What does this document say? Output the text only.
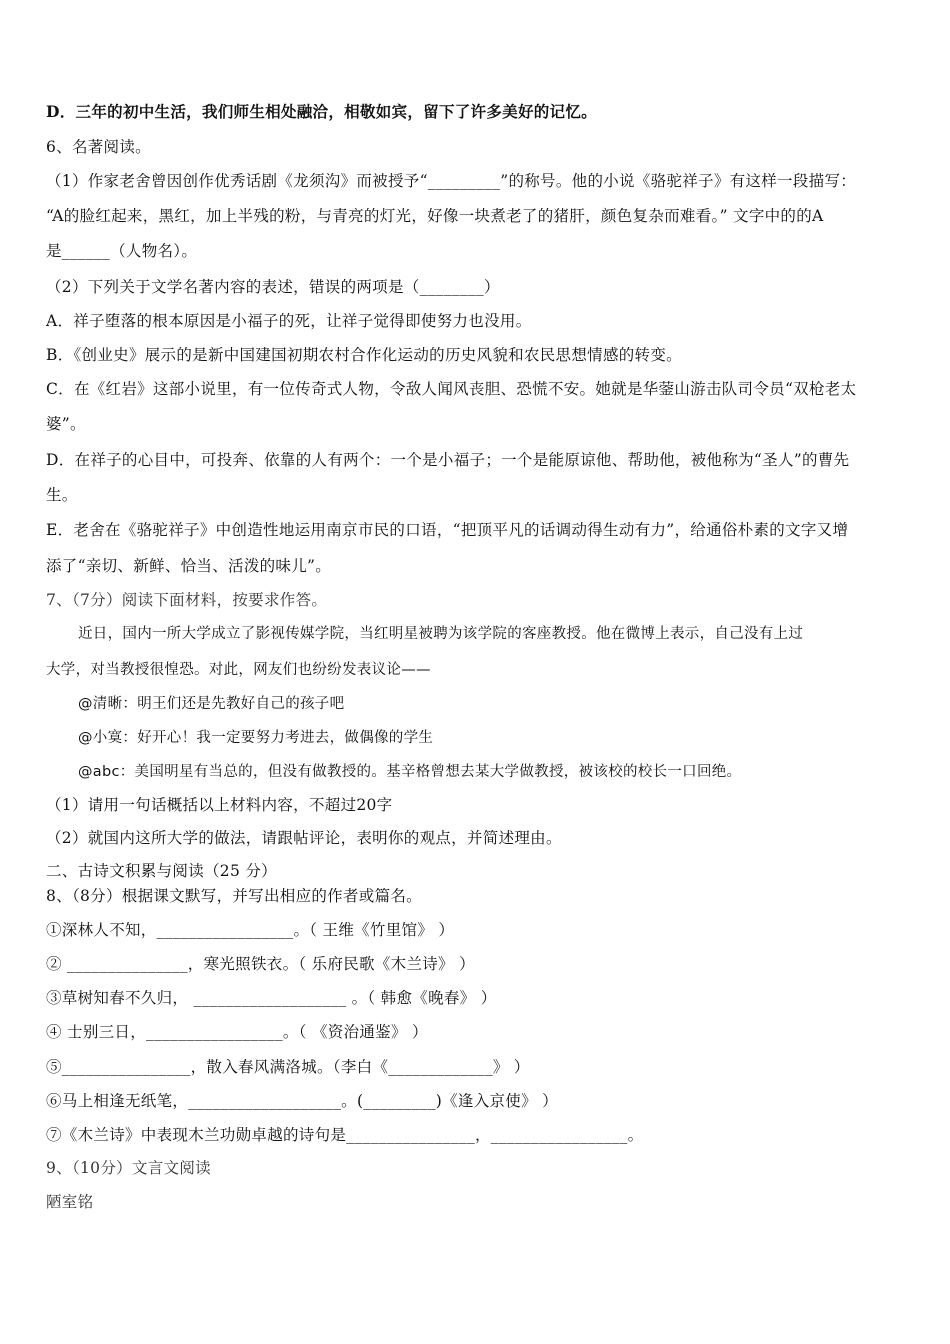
D．三年的初中生活，我们师生相处融洽，相敬如宾，留下了许多美好的记忆。
6、名著阅读。
（1）作家老舍曾因创作优秀话剧《龙须沟》而被授予“_________”的称号。他的小说《骆驼祥子》有这样一段描写：
“A的脸红起来，黑红，加上半残的粉，与青亮的灯光，好像一块煮老了的猪肝，颜色复杂而难看。” 文字中的的A
是______（人物名）。
（2）下列关于文学名著内容的表述，错误的两项是（________）
A．祥子堕落的根本原因是小福子的死，让祥子觉得即使努力也没用。
B．《创业史》展示的是新中国建国初期农村合作化运动的历史风貌和农民思想情感的转变。
C．在《红岩》这部小说里，有一位传奇式人物，令敌人闻风丧胆、恐慌不安。她就是华蓥山游击队司令员“双枪老太
婆”。
D．在祥子的心目中，可投奔、依靠的人有两个：一个是小福子；一个是能原谅他、帮助他，被他称为“圣人”的曹先
生。
E．老舍在《骆驼祥子》中创造性地运用南京市民的口语，“把顶平凡的话调动得生动有力”，给通俗朴素的文字又增
添了“亲切、新鲜、恰当、活泼的味儿”。
7、（7分）阅读下面材料，按要求作答。
近日，国内一所大学成立了影视传媒学院，当红明星被聘为该学院的客座教授。他在微博上表示，自己没有上过
大学，对当教授很惶恐。对此，网友们也纷纷发表议论——
@清晰：明王们还是先教好自己的孩子吧
@小寞：好开心！我一定要努力考进去，做偶像的学生
@abc：美国明星有当总的，但没有做教授的。基辛格曾想去某大学做教授，被该校的校长一口回绝。
（1）请用一句话概括以上材料内容，不超过20字
（2）就国内这所大学的做法，请跟帖评论，表明你的观点，并简述理由。
二、古诗文积累与阅读（25 分）
8、（8分）根据课文默写，并写出相应的作者或篇名。
①深林人不知，_________________。（ 王维《竹里馆》 ）
② _______________，寒光照铁衣。（ 乐府民歌《木兰诗》 ）
③草树知春不久归， ___________________ 。（ 韩愈《晚春》 ）
④ 士别三日，_________________。（ 《资治通鉴》 ）
⑤________________，散入春风满洛城。（李白《_____________》 ）
⑥马上相逢无纸笔，___________________。(_________)《逢入京使》 ）
⑦《木兰诗》中表现木兰功勋卓越的诗句是________________，_________________。
9、（10分）文言文阅读
陋室铭
